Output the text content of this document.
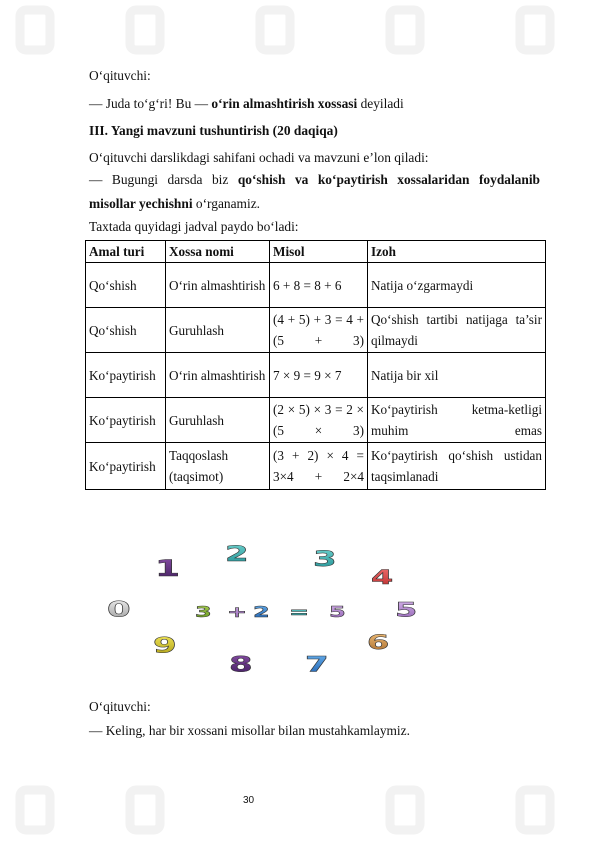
O‘qituvchi:
— Juda to‘g‘ri! Bu — o‘rin almashtirish xossasi deyiladi
III. Yangi mavzuni tushuntirish (20 daqiqa)
O‘qituvchi darslikdagi sahifani ochadi va mavzuni e’lon qiladi:
— Bugungi darsda biz qo‘shish va ko‘paytirish xossalaridan foydalanib
misollar yechishni o‘rganamiz.
Taxtada quyidagi jadval paydo bo‘ladi:
Amal turi	Xossa nomi	Misol	Izoh
Qo‘shish	O‘rin almashtirish	6 + 8 = 8 + 6	Natija o‘zgarmaydi
Qo‘shish	Guruhlash	(4 + 5) + 3 = 4 + (5 + 3)	Qo‘shish tartibi natijaga ta’sir qilmaydi
Ko‘paytirish	O‘rin almashtirish	7 × 9 = 9 × 7	Natija bir xil
Ko‘paytirish	Guruhlash	(2 × 5) × 3 = 2 × (5 × 3)	Ko‘paytirish ketma-ketligi muhim emas
Ko‘paytirish	Taqqoslash (taqsimot)	(3 + 2) × 4 = 3×4 + 2×4	Ko‘paytirish qo‘shish ustidan taqsimlanadi
1
2 3
4
0	3 + 2 = 5 5
9	6
8 7
O‘qituvchi:
— Keling, har bir xossani misollar bilan mustahkamlaymiz.
30
